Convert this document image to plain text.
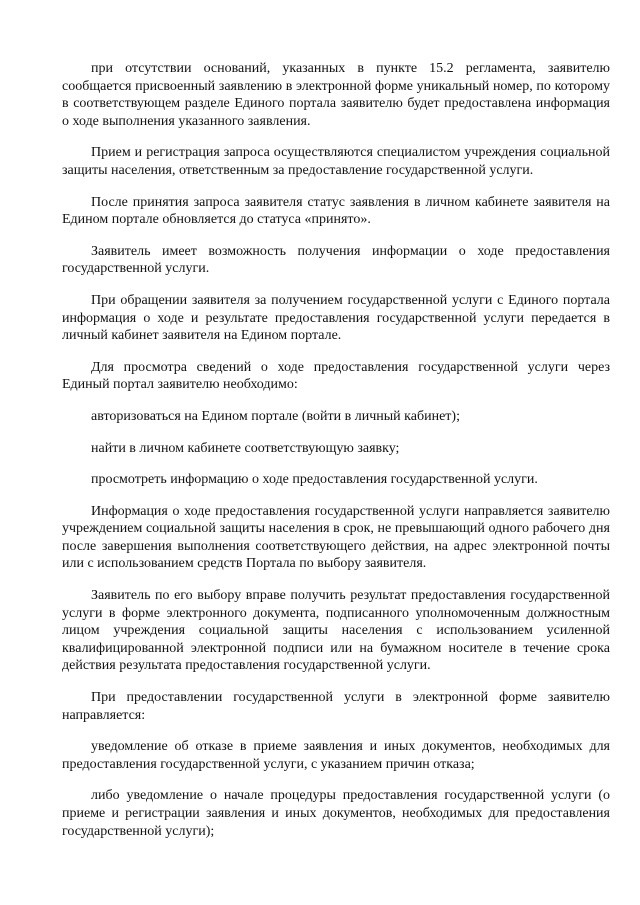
при отсутствии оснований, указанных в пункте 15.2 регламента, заявителю сообщается присвоенный заявлению в электронной форме уникальный номер, по которому в соответствующем разделе Единого портала заявителю будет предоставлена информация о ходе выполнения указанного заявления.

Прием и регистрация запроса осуществляются специалистом учреждения социальной защиты населения, ответственным за предоставление государственной услуги.

После принятия запроса заявителя статус заявления в личном кабинете заявителя на Едином портале обновляется до статуса «принято».

Заявитель имеет возможность получения информации о ходе предоставления государственной услуги.

При обращении заявителя за получением государственной услуги с Единого портала информация о ходе и результате предоставления государственной услуги передается в личный кабинет заявителя на Едином портале.

Для просмотра сведений о ходе предоставления государственной услуги через Единый портал заявителю необходимо:

авторизоваться на Едином портале (войти в личный кабинет);

найти в личном кабинете соответствующую заявку;

просмотреть информацию о ходе предоставления государственной услуги.

Информация о ходе предоставления государственной услуги направляется заявителю учреждением социальной защиты населения в срок, не превышающий одного рабочего дня после завершения выполнения соответствующего действия, на адрес электронной почты или с использованием средств Портала по выбору заявителя.

Заявитель по его выбору вправе получить результат предоставления государственной услуги в форме электронного документа, подписанного уполномоченным должностным лицом учреждения социальной защиты населения с использованием усиленной квалифицированной электронной подписи или на бумажном носителе в течение срока действия результата предоставления государственной услуги.

При предоставлении государственной услуги в электронной форме заявителю направляется:

уведомление об отказе в приеме заявления и иных документов, необходимых для предоставления государственной услуги, с указанием причин отказа;

либо уведомление о начале процедуры предоставления государственной услуги (о приеме и регистрации заявления и иных документов, необходимых для предоставления государственной услуги);
